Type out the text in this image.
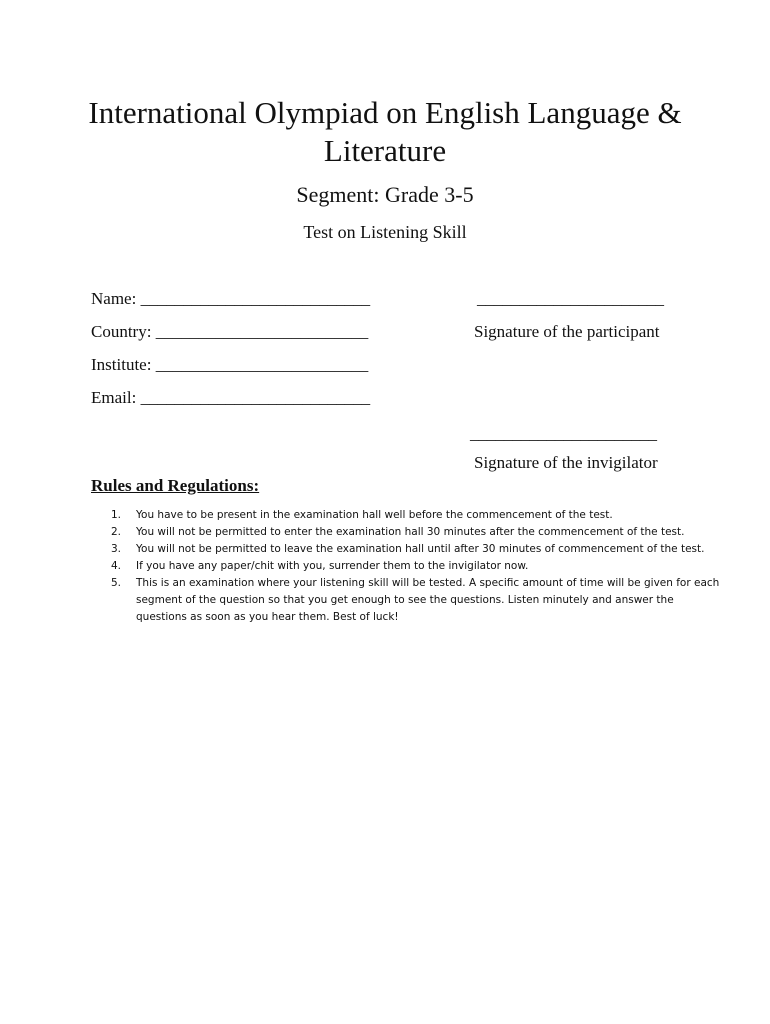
International Olympiad on English Language & Literature
Segment: Grade 3-5
Test on Listening Skill
Name: ___________________________
Country: _________________________
Institute: _________________________
Email: ___________________________
______________________
Signature of the participant
______________________
Signature of the invigilator
Rules and Regulations:
1. You have to be present in the examination hall well before the commencement of the test.
2. You will not be permitted to enter the examination hall 30 minutes after the commencement of the test.
3. You will not be permitted to leave the examination hall until after 30 minutes of commencement of the test.
4. If you have any paper/chit with you, surrender them to the invigilator now.
5. This is an examination where your listening skill will be tested. A specific amount of time will be given for each segment of the question so that you get enough to see the questions. Listen minutely and answer the questions as soon as you hear them. Best of luck!
